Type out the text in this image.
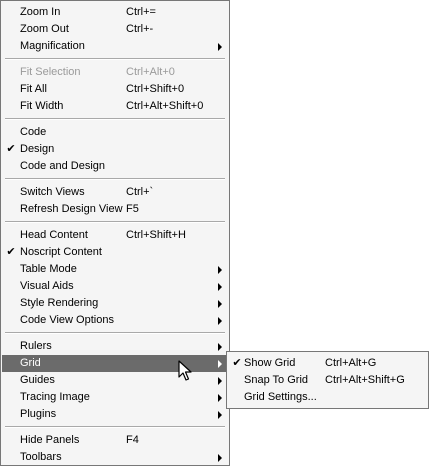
Zoom In	Ctrl+=
Zoom Out	Ctrl+-
Magnification
Fit Selection	Ctrl+Alt+0
Fit All	Ctrl+Shift+0
Fit Width	Ctrl+Alt+Shift+0
Code
✔ Design
Code and Design
Switch Views	Ctrl+`
Refresh Design View F5
Head Content	Ctrl+Shift+H
✔ Noscript Content
Table Mode
Visual Aids
Style Rendering
Code View Options
Rulers
Grid
Guides
Tracing Image
Plugins
Hide Panels	F4
Toolbars
✔ Show Grid	Ctrl+Alt+G
Snap To Grid Ctrl+Alt+Shift+G
Grid Settings...
